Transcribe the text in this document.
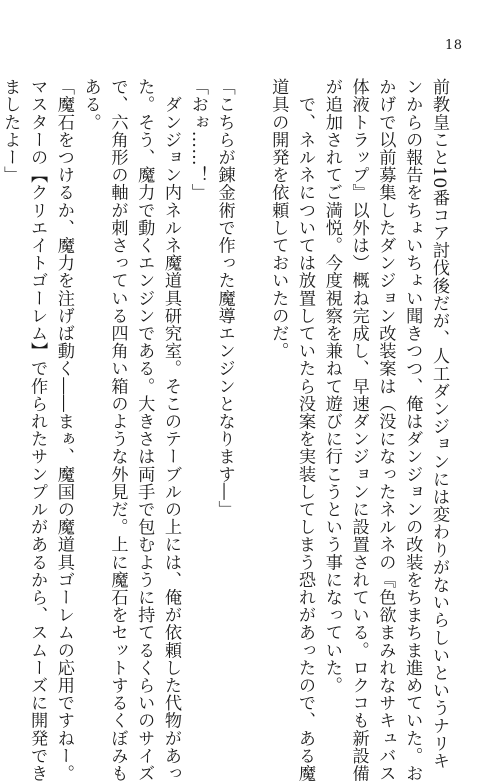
18
前教皇こと10番コア討伐後だが、人工ダンジョンには変わりがないらしいというナリキ
ンからの報告をちょいちょい聞きつつ、俺はダンジョンの改装をちまちま進めていた。お
かげで以前募集したダンジョン改装案は（没になったネルネの『色欲まみれなサキュバス
体液トラップ』以外は）概ね完成し、早速ダンジョンに設置されている。ロクコも新設備
が追加されてご満悦。今度視察を兼ねて遊びに行こうという事になっていた。
　で、ネルネについては放置していたら没案を実装してしまう恐れがあったので、ある魔
道具の開発を依頼しておいたのだ。
「こちらが錬金術で作った魔導エンジンとなります―」
「おぉ……！」
　ダンジョン内ネルネ魔道具研究室。そこのテーブルの上には、俺が依頼した代物があっ
た。そう、魔力で動くエンジンである。大きさは両手で包むように持てるくらいのサイズ
で、六角形の軸が刺さっている四角い箱のような外見だ。上に魔石をセットするくぼみも
ある。
「魔石をつけるか、魔力を注げば動く――まぁ、魔国の魔道具ゴーレムの応用ですねー。
マスターの【クリエイトゴーレム】で作られたサンプルがあるから、スムーズに開発でき
ましたよー」
